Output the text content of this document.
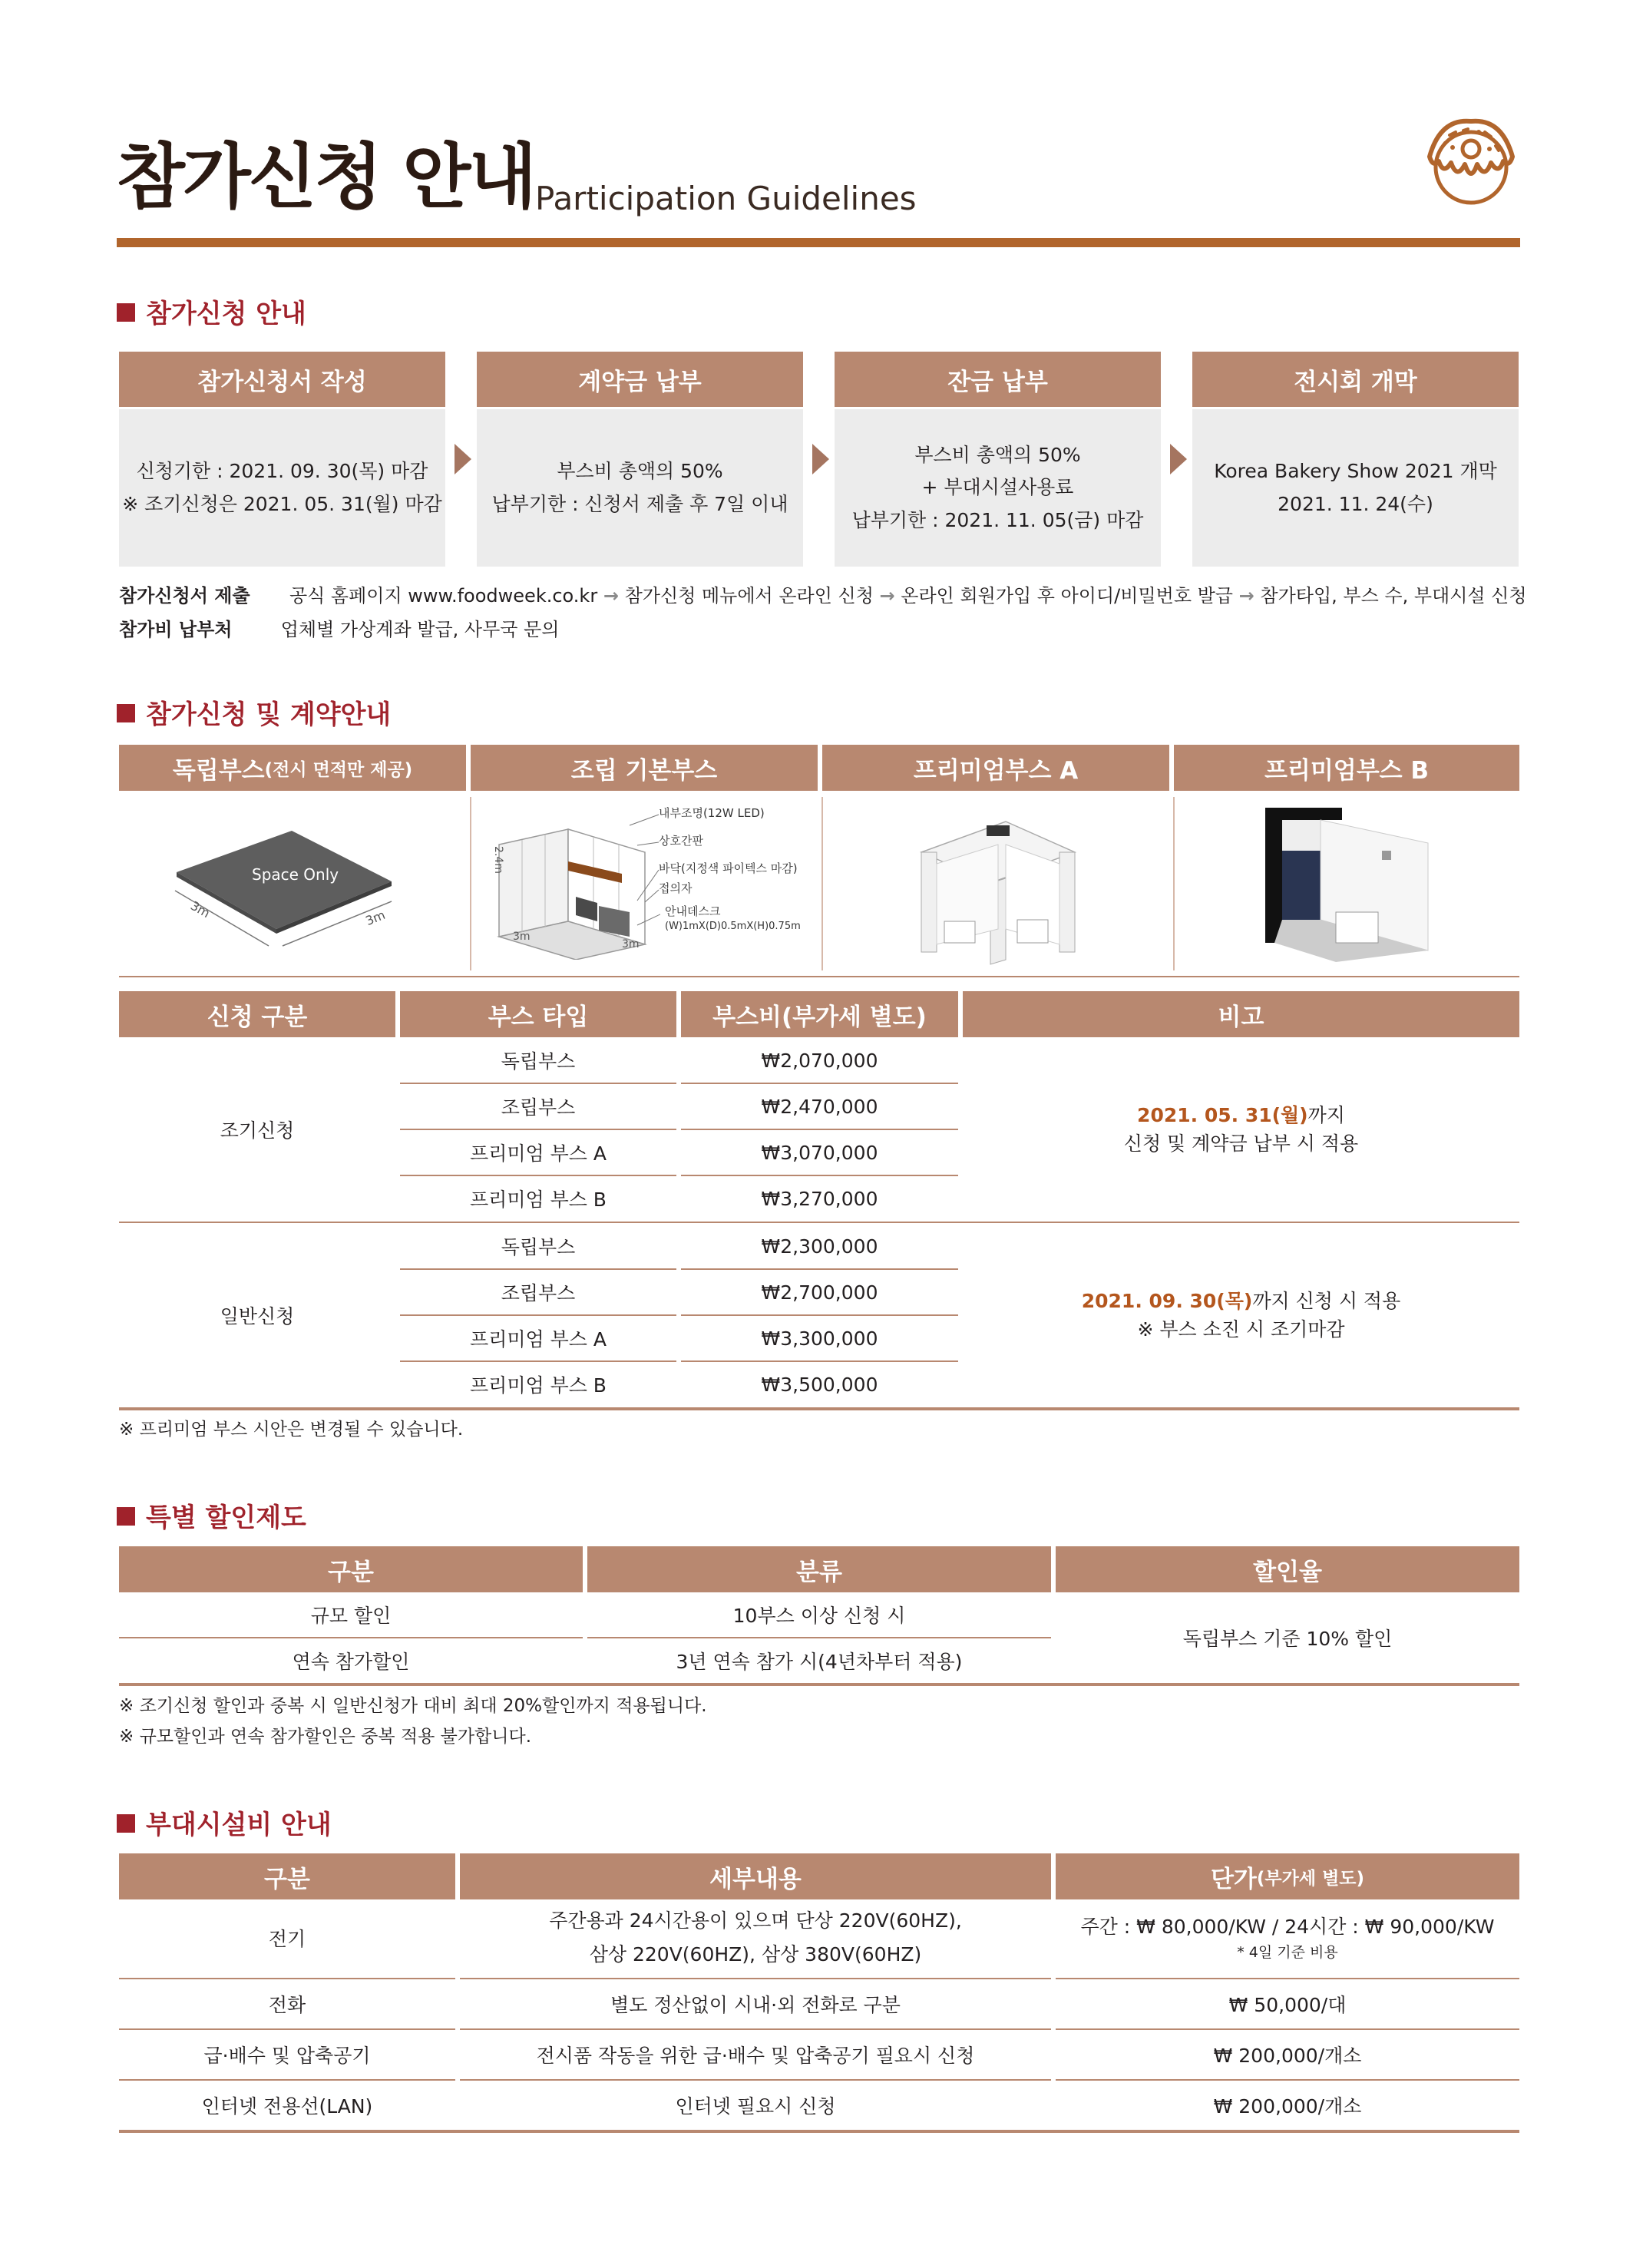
참가신청 안내 Participation Guidelines
참가신청 안내
참가신청서 작성
신청기한 : 2021. 09. 30(목) 마감
※ 조기신청은 2021. 05. 31(월) 마감
계약금 납부
부스비 총액의 50%
납부기한 : 신청서 제출 후 7일 이내
잔금 납부
부스비 총액의 50%
+ 부대시설사용료
납부기한 : 2021. 11. 05(금) 마감
전시회 개막
Korea Bakery Show 2021 개막
2021. 11. 24(수)
참가신청서 제출 공식 홈페이지 www.foodweek.co.kr → 참가신청 메뉴에서 온라인 신청 → 온라인 회원가입 후 아이디/비밀번호 발급 → 참가타입, 부스 수, 부대시설 신청
참가비 납부처	업체별 가상계좌 발급, 사무국 문의
참가신청 및 계약안내
독립부스 (전시 면적만 제공)	조립 기본부스	프리미엄부스 A	프리미엄부스 B
Space Only
3m	3m
2.4m
3m
3m
내부조명(12W LED)
상호간판
바닥(지정색 파이텍스 마감)
접의자
안내데스크
(W)1mX(D)0.5mX(H)0.75m
신청 구분	부스 타입	부스비(부가세 별도)	비고
조기신청
독립부스	₩2,070,000
조립부스	₩2,470,000
프리미엄 부스 A	₩3,070,000
프리미엄 부스 B	₩3,270,000
2021. 05. 31(월)까지
신청 및 계약금 납부 시 적용
일반신청
독립부스	₩2,300,000
조립부스	₩2,700,000
프리미엄 부스 A	₩3,300,000
프리미엄 부스 B	₩3,500,000
2021. 09. 30(목)까지 신청 시 적용
※ 부스 소진 시 조기마감
※ 프리미엄 부스 시안은 변경될 수 있습니다.
특별 할인제도
구분	분류	할인율
규모 할인	10부스 이상 신청 시
연속 참가할인	3년 연속 참가 시(4년차부터 적용)
독립부스 기준 10% 할인
※ 조기신청 할인과 중복 시 일반신청가 대비 최대 20%할인까지 적용됩니다.
※ 규모할인과 연속 참가할인은 중복 적용 불가합니다.
부대시설비 안내
구분	세부내용	단가 (부가세 별도)
전기
주간용과 24시간용이 있으며 단상 220V(60HZ),
삼상 220V(60HZ), 삼상 380V(60HZ)
주간 : ₩ 80,000/KW / 24시간 : ₩ 90,000/KW
* 4일 기준 비용
전화	별도 정산없이 시내·외 전화로 구분	₩ 50,000/대
급·배수 및 압축공기	전시품 작동을 위한 급·배수 및 압축공기 필요시 신청	₩ 200,000/개소
인터넷 전용선(LAN)	인터넷 필요시 신청	₩ 200,000/개소
